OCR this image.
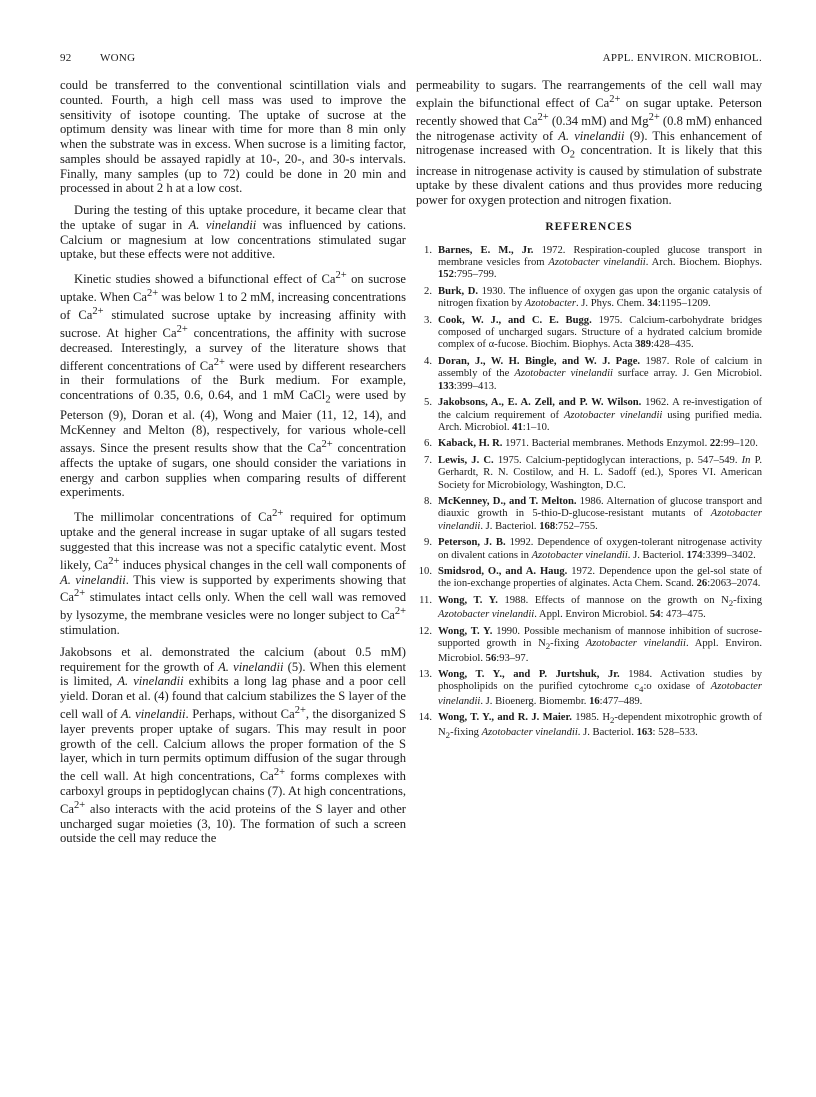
92	WONG	APPL. ENVIRON. MICROBIOL.

could be transferred to the conventional scintillation vials and counted. Fourth, a high cell mass was used to improve the sensitivity of isotope counting. The uptake of sucrose at the optimum density was linear with time for more than 8 min only when the substrate was in excess. When sucrose is a limiting factor, samples should be assayed rapidly at 10-, 20-, and 30-s intervals. Finally, many samples (up to 72) could be done in 20 min and processed in about 2 h at a low cost.

During the testing of this uptake procedure, it became clear that the uptake of sugar in A. vinelandii was influenced by cations. Calcium or magnesium at low concentrations stimulated sugar uptake, but these effects were not additive.

Kinetic studies showed a bifunctional effect of $Ca^{2+}$ on sucrose uptake. When $Ca^{2+}$ was below 1 to 2 mM, increasing concentrations of $Ca^{2+}$ stimulated sucrose uptake by increasing affinity with sucrose. At higher $Ca^{2+}$ concentrations, the affinity with sucrose decreased. Interestingly, a survey of the literature shows that different concentrations of $Ca^{2+}$ were used by different researchers in their formulations of the Burk medium. For example, concentrations of 0.35, 0.6, 0.64, and 1 mM CaCl$_2$ were used by Peterson (9), Doran et al. (4), Wong and Maier (11, 12, 14), and McKenney and Melton (8), respectively, for various whole-cell assays. Since the present results show that the $Ca^{2+}$ concentration affects the uptake of sugars, one should consider the variations in energy and carbon supplies when comparing results of different experiments.

The millimolar concentrations of $Ca^{2+}$ required for optimum uptake and the general increase in sugar uptake of all sugars tested suggested that this increase was not a specific catalytic event. Most likely, $Ca^{2+}$ induces physical changes in the cell wall components of A. vinelandii. This view is supported by experiments showing that $Ca^{2+}$ stimulates intact cells only. When the cell wall was removed by lysozyme, the membrane vesicles were no longer subject to $Ca^{2+}$ stimulation.

Jakobsons et al. demonstrated the calcium (about 0.5 mM) requirement for the growth of A. vinelandii (5). When this element is limited, A. vinelandii exhibits a long lag phase and a poor cell yield. Doran et al. (4) found that calcium stabilizes the S layer of the cell wall of A. vinelandii. Perhaps, without $Ca^{2+}$, the disorganized S layer prevents proper uptake of sugars. This may result in poor growth of the cell. Calcium allows the proper formation of the S layer, which in turn permits optimum diffusion of the sugar through the cell wall. At high concentrations, $Ca^{2+}$ forms complexes with carboxyl groups in peptidoglycan chains (7). At high concentrations, $Ca^{2+}$ also interacts with the acid proteins of the S layer and other uncharged sugar moieties (3, 10). The formation of such a screen outside the cell may reduce the

permeability to sugars. The rearrangements of the cell wall may explain the bifunctional effect of $Ca^{2+}$ on sugar uptake. Peterson recently showed that $Ca^{2+}$ (0.34 mM) and $Mg^{2+}$ (0.8 mM) enhanced the nitrogenase activity of A. vinelandii (9). This enhancement of nitrogenase increased with $O_2$ concentration. It is likely that this increase in nitrogenase activity is caused by stimulation of substrate uptake by these divalent cations and thus provides more reducing power for oxygen protection and nitrogen fixation.

REFERENCES
1. Barnes, E. M., Jr. 1972. Respiration-coupled glucose transport in membrane vesicles from Azotobacter vinelandii. Arch. Biochem. Biophys. 152:795–799.
2. Burk, D. 1930. The influence of oxygen gas upon the organic catalysis of nitrogen fixation by Azotobacter. J. Phys. Chem. 34:1195–1209.
3. Cook, W. J., and C. E. Bugg. 1975. Calcium-carbohydrate bridges composed of uncharged sugars. Structure of a hydrated calcium bromide complex of α-fucose. Biochim. Biophys. Acta 389:428–435.
4. Doran, J., W. H. Bingle, and W. J. Page. 1987. Role of calcium in assembly of the Azotobacter vinelandii surface array. J. Gen Microbiol. 133:399–413.
5. Jakobsons, A., E. A. Zell, and P. W. Wilson. 1962. A re-investigation of the calcium requirement of Azotobacter vinelandii using purified media. Arch. Microbiol. 41:1–10.
6. Kaback, H. R. 1971. Bacterial membranes. Methods Enzymol. 22:99–120.
7. Lewis, J. C. 1975. Calcium-peptidoglycan interactions, p. 547–549. In P. Gerhardt, R. N. Costilow, and H. L. Sadoff (ed.), Spores VI. American Society for Microbiology, Washington, D.C.
8. McKenney, D., and T. Melton. 1986. Alternation of glucose transport and diauxic growth in 5-thio-D-glucose-resistant mutants of Azotobacter vinelandii. J. Bacteriol. 168:752–755.
9. Peterson, J. B. 1992. Dependence of oxygen-tolerant nitrogenase activity on divalent cations in Azotobacter vinelandii. J. Bacteriol. 174:3399–3402.
10. Smidsrod, O., and A. Haug. 1972. Dependence upon the gel-sol state of the ion-exchange properties of alginates. Acta Chem. Scand. 26:2063–2074.
11. Wong, T. Y. 1988. Effects of mannose on the growth on $N_2$-fixing Azotobacter vinelandii. Appl. Environ Microbiol. 54: 473–475.
12. Wong, T. Y. 1990. Possible mechanism of mannose inhibition of sucrose-supported growth in $N_2$-fixing Azotobacter vinelandii. Appl. Environ. Microbiol. 56:93–97.
13. Wong, T. Y., and P. Jurtshuk, Jr. 1984. Activation studies by phospholipids on the purified cytochrome $c_4:o$ oxidase of Azotobacter vinelandii. J. Bioenerg. Biomembr. 16:477–489.
14. Wong, T. Y., and R. J. Maier. 1985. $H_2$-dependent mixotrophic growth of $N_2$-fixing Azotobacter vinelandii. J. Bacteriol. 163: 528–533.
